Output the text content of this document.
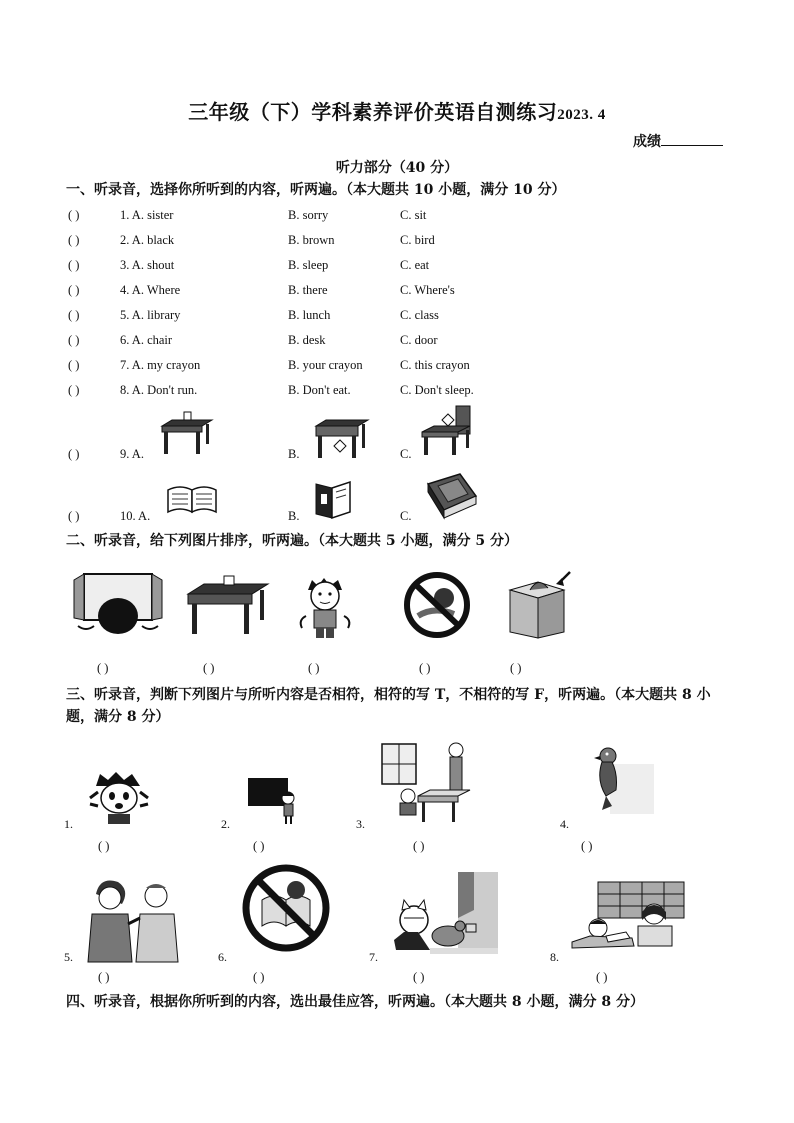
三年级（下）学科素养评价英语自测练习2023. 4
成绩
听力部分（40 分）
一、听录音，选择你所听到的内容，听两遍。（本大题共 10 小题，满分 10 分）
( )	1. A. sister	B. sorry	C. sit
( )	2. A. black	B. brown	C. bird
( )	3. A. shout	B. sleep	C. eat
( )	4. A. Where	B. there	C. Where's
( )	5. A. library	B. lunch	C. class
( )	6. A. chair	B. desk	C. door
( )	7. A. my crayon	B. your crayon	C. this crayon
( )	8. A. Don't run.	B. Don't eat.	C. Don't sleep.
( )	9. A.	B.	C.
( )	10. A.	B.	C.
二、听录音，给下列图片排序，听两遍。（本大题共 5 小题，满分 5 分）
( )	( )	( )	( )	( )
三、听录音，判断下列图片与所听内容是否相符，相符的写 T，不相符的写 F，听两遍。（本大题共 8 小题，满分 8 分）
1.	2.	3.	4.
( )	( )	( )	( )
5.	6.	7.	8.
( )	( )	( )	( )
四、听录音，根据你所听到的内容，选出最佳应答，听两遍。（本大题共 8 小题，满分 8 分）
